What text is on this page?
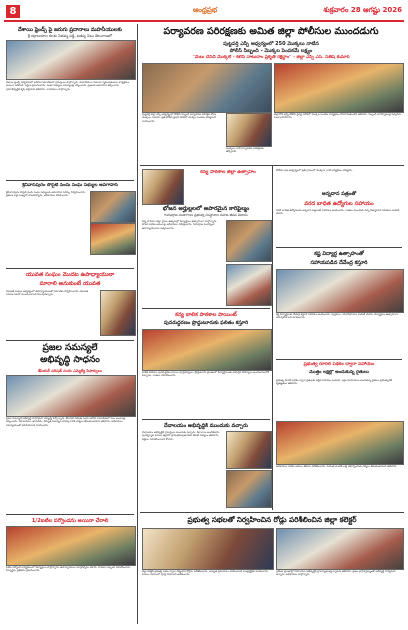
8	ఆంధ్రప్రభ	శుక్రవారం 28 ఆగష్టు 2026
పర్యావరణ పరిరక్షణకు అమిత జిల్లా పోలీసుల ముందడుగు
పుట్టపర్తి ఎస్పీ ఆధ్వర్యంలో 250 మొక్కలు నాటిన
పోలీస్ సిబ్బంది - మొక్కల పెంపకమే లక్ష్యం
"మేలు చేసేది మొక్కలే - కలిసి నాటుదాం ప్రకృతి రక్షిద్దాం" - జిల్లా ఎస్పీ ఎస్. సతీష్ కుమార్

పుట్టపర్తి జిల్లా ఎస్పీ ఆధ్వర్యంలో పోలీస్ సిబ్బంది పర్యావరణ పరిరక్షణ కోసం మొక్కలు నాటారు. ప్రతి పోలీస్ స్టేషన్ పరిధిలో మొక్కల పెంపకం చేపట్టాలని సూచించారు.

మొక్కలు నాటి పర్యావరణ పరిరక్షణకు తోడ్పడాలి.

జిల్లాలోని అన్ని పోలీస్ స్టేషన్ల పరిధిలో మొక్కల పెంపకం కార్యక్రమం కొనసాగుతుందని తెలిపారు. సిబ్బంది భాగస్వాములై పచ్చదనం పెంచాలని కోరారు.

దేశాయి ఫ్రెండ్స్ పై జరుగు ప్రదానాలు మహనీయులకు
శ్రీ దర్గాలయాల కలశం సీతమ్మ పడ్డీ, ఐతప్ప పేటు తెలంగాణలో

దేశాయి ఫ్రెండ్స్ నిర్వహణలో జరిగిన సమావేశంలో గ్రామస్తులు పాల్గొన్నారు. మహనీయుల సేవలను స్మరించుకుంటూ కార్యక్రమం ఘనంగా జరిగింది. పెద్దలు ప్రసంగించారు. సంఘ సభ్యులు సమస్యలపై చర్చించారు. ప్రజలకు అవగాహన కల్పించారు. గ్రామాభివృద్ధికి కృషి చేస్తామని తెలిపారు. నాయకులు పాల్గొన్నారు.

శ్రీనివాసపురం సొసైటీ నందు సంఘ సభ్యుల అవగాహన

శ్రీనివాసపురం సొసైటీ నందు సంఘ సభ్యులకు అవగాహన సదస్సు నిర్వహించారు. రైతులు పెద్ద సంఖ్యలో హాజరయ్యారు. అధికారులు వివరించారు.

యువత సంఘం మొదట ఉపాధ్యాయులా
మారాలి అనుకుంటే యువత

యువత సంఘం ఆధ్వర్యంలో ఉపాధ్యాయులతో సమావేశం నిర్వహించారు. యువత సమాజ సేవలో ముందుండాలని పిలుపునిచ్చారు.

ప్రజల సమస్యలే
అభివృద్ధి సాధనం
కేపియర్ పరిషత్ నందు ఎమ్మెల్యే సిఫార్సులు

ప్రజల సమస్యలే అభివృద్ధి సాధనమని ఎమ్మెల్యే పేర్కొన్నారు. కేపియర్ పరిషత్ నందు జరిగిన సమావేశంలో పలు అంశాలపై చర్చించారు. రహదారులు, తాగునీరు, విద్యుత్ సమస్యల పరిష్కారానికి చర్యలు తీసుకుంటామని తెలిపారు. అధికారులు సమన్వయంతో పనిచేయాలని సూచించారు.

1/2ఐటిల పర్వొండను అయినా చేరాలి

ఐటిల పర్వొండ కార్యక్రమంలో విద్యార్థులు పాల్గొన్నారు. ఉపాధ్యాయులు మార్గదర్శనం చేశారు. పాఠశాల సిబ్బంది సహకరించారు. విద్యార్థుల ప్రతిభను ప్రశంసించారు.

కన్య పాఠశాల జిల్లా ఉత్సాహం
భోజన అర్హుల్లలలో అపారమైన కారిఫైల్మం
గురుపూజ సంతాగాలు ప్రభుత్వ సంస్థానాల సహజ జీవన విధానం

కన్య పాఠశాల జిల్లా స్థాయి ఉత్సవాల్లో విద్యార్థులు ఉత్సాహంగా పాల్గొన్నారు. భోజన పథకం అమలుపై అధికారులు సమీక్షించారు. గురుపూజ సందర్భంగా ఉపాధ్యాయులను సత్కరించారు.

కన్య బాలిక పాఠశాల పాయింట్
పునరుద్ధరణం ప్రొద్దుటూరుకు ఫలితం కస్తూరి

బాలిక పాఠశాల పునరుద్ధరణ పనులు పూర్తయ్యాయి. ప్రొద్దుటూరు ప్రాంతంలో విద్యార్థినులకు మెరుగైన సౌకర్యాలు అందుబాటులోకి వచ్చాయి. దాతలు సహకరించారు.

దేవాలయం అభివృద్ధికి ముందుకు వచ్చారు

దేవాలయం అభివృద్ధికి గ్రామస్తులు ముందుకు వచ్చారు. విరాళాలు అందజేశారు. పునర్నిర్మాణ పనులు త్వరలో ప్రారంభమవుతాయని కమిటీ సభ్యులు తెలిపారు. భక్తులు సహకరించాలని కోరారు.

పోలీసు శాఖ ఆధ్వర్యంలో ప్రతి గ్రామంలో మొక్కలు నాటే కార్యక్రమం చేపట్టారు.

అన్నదాన పత్రంతో
వరద బాధిత ఉద్యోగుల సహాయం

వరద బాధిత ఉద్యోగులకు అన్నదాన పత్రాలతో సహాయం అందించారు. దాతలు ముందుకు వచ్చి నిత్యావసర సరుకులు పంపిణీ చేశారు.

కష్ట విద్యార్ధ ఉత్సాహంతో
సహాయపడిన దేవేంద్ర కస్తూరి

కష్ట విద్యార్థులకు దేవేంద్ర కస్తూరి సహాయం అందించారు. పుస్తకాలు, యూనిఫారాలు పంపిణీ చేశారు. విద్యార్థులు ఉత్సాహంగా చదువుకోవాలని సూచించారు.

ప్రభుత్వ రూరల్ పథకం ద్వారా సహాయం
మొత్తం లక్షల్లో అందుకున్న రైతులు

ప్రభుత్వ రూరల్ పథకం ద్వారా రైతులకు ఆర్థిక సహాయం అందింది. లక్షల రూపాయలు అందుకున్న రైతులు ప్రభుత్వానికి కృతజ్ఞతలు తెలిపారు.

అధికారులు పథకం అమలు తీరును పరిశీలించారు. మరింత మందికి లబ్ధి చేకూర్చేందుకు చర్యలు తీసుకుంటామని తెలిపారు.

ప్రభుత్వ సభలతో నిర్వహించిన రోడ్లు పరిశీలించిన జిల్లా కలెక్టర్

జిల్లా కలెక్టర్ ప్రభుత్వ సభల ద్వారా నిర్మించిన రోడ్లను పరిశీలించారు. నాణ్యత ప్రమాణాలు పాటించాలని కాంట్రాక్టర్లకు సూచించారు. పనులు సకాలంలో పూర్తి చేయాలని ఆదేశించారు.

గ్రామీణ ప్రాంతాల్లో రహదారుల అభివృద్ధికి ప్రాధాన్యత ఇస్తున్నామని తెలిపారు. ప్రజల భాగస్వామ్యంతో అభివృద్ధి సాధ్యమని అన్నారు. అధికారులు పాల్గొన్నారు.
